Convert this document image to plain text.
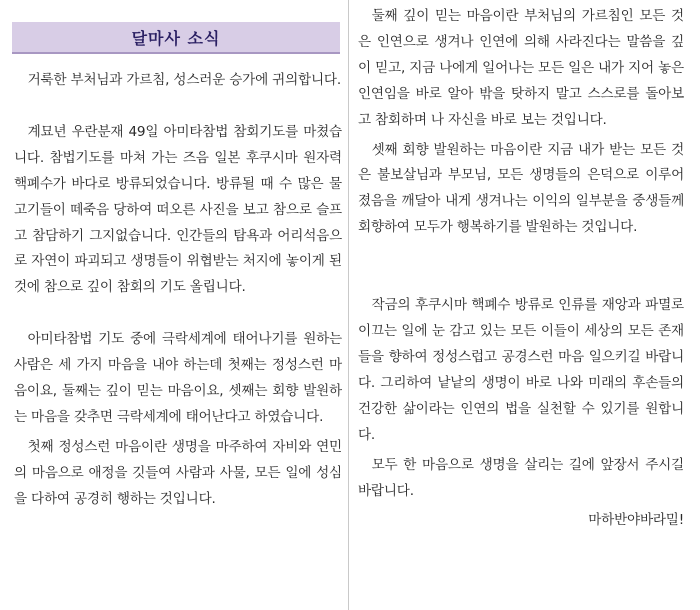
달마사 소식

거룩한 부처님과 가르침, 성스러운 승가에 귀의합니다.

계묘년 우란분재 49일 아미타참법 참회기도를 마쳤습니다. 참법기도를 마쳐 가는 즈음 일본 후쿠시마 원자력 핵폐수가 바다로 방류되었습니다. 방류될 때 수 많은 물고기들이 떼죽음 당하여 떠오른 사진을 보고 참으로 슬프고 참담하기 그지없습니다. 인간들의 탐욕과 어리석음으로 자연이 파괴되고 생명들이 위협받는 처지에 놓이게 된 것에 참으로 깊이 참회의 기도 올립니다.

아미타참법 기도 중에 극락세계에 태어나기를 원하는 사람은 세 가지 마음을 내야 하는데 첫째는 정성스런 마음이요, 둘째는 깊이 믿는 마음이요, 셋째는 회향 발원하는 마음을 갖추면 극락세계에 태어난다고 하였습니다.

첫째 정성스런 마음이란 생명을 마주하여 자비와 연민의 마음으로 애정을 깃들여 사람과 사물, 모든 일에 성심을 다하여 공경히 행하는 것입니다.

둘째 깊이 믿는 마음이란 부처님의 가르침인 모든 것은 인연으로 생겨나 인연에 의해 사라진다는 말씀을 깊이 믿고, 지금 나에게 일어나는 모든 일은 내가 지어 놓은 인연임을 바로 알아 밖을 탓하지 말고 스스로를 돌아보고 참회하며 나 자신을 바로 보는 것입니다.

셋째 회향 발원하는 마음이란 지금 내가 받는 모든 것은 불보살님과 부모님, 모든 생명들의 은덕으로 이루어졌음을 깨달아 내게 생겨나는 이익의 일부분을 중생들께 회향하여 모두가 행복하기를 발원하는 것입니다.

작금의 후쿠시마 핵폐수 방류로 인류를 재앙과 파멸로 이끄는 일에 눈 감고 있는 모든 이들이 세상의 모든 존재들을 향하여 정성스럽고 공경스런 마음 일으키길 바랍니다. 그리하여 낱낱의 생명이 바로 나와 미래의 후손들의 건강한 삶이라는 인연의 법을 실천할 수 있기를 원합니다.

모두 한 마음으로 생명을 살리는 길에 앞장서 주시길 바랍니다.

마하반야바라밀!
